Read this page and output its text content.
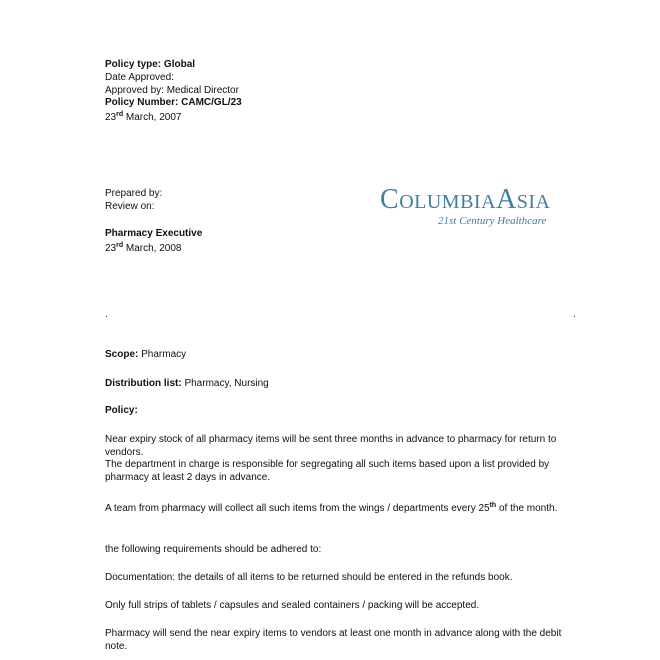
Policy type: Global
Date Approved:
Approved by: Medical Director
Policy Number: CAMC/GL/23
23rd March, 2007
Prepared by:
Review on:
Pharmacy Executive
23rd March, 2008
COLUMBIAASIA
21st Century Healthcare
.	.
Scope: Pharmacy
Distribution list: Pharmacy, Nursing
Policy:
Near expiry stock of all pharmacy items will be sent three months in advance to pharmacy for return to vendors.
The department in charge is responsible for segregating all such items based upon a list provided by pharmacy at least 2 days in advance.
A team from pharmacy will collect all such items from the wings / departments every 25th of the month.
the following requirements should be adhered to:
Documentation: the details of all items to be returned should be entered in the refunds book.
Only full strips of tablets / capsules and sealed containers / packing will be accepted.
Pharmacy will send the near expiry items to vendors at least one month in advance along with the debit note.
